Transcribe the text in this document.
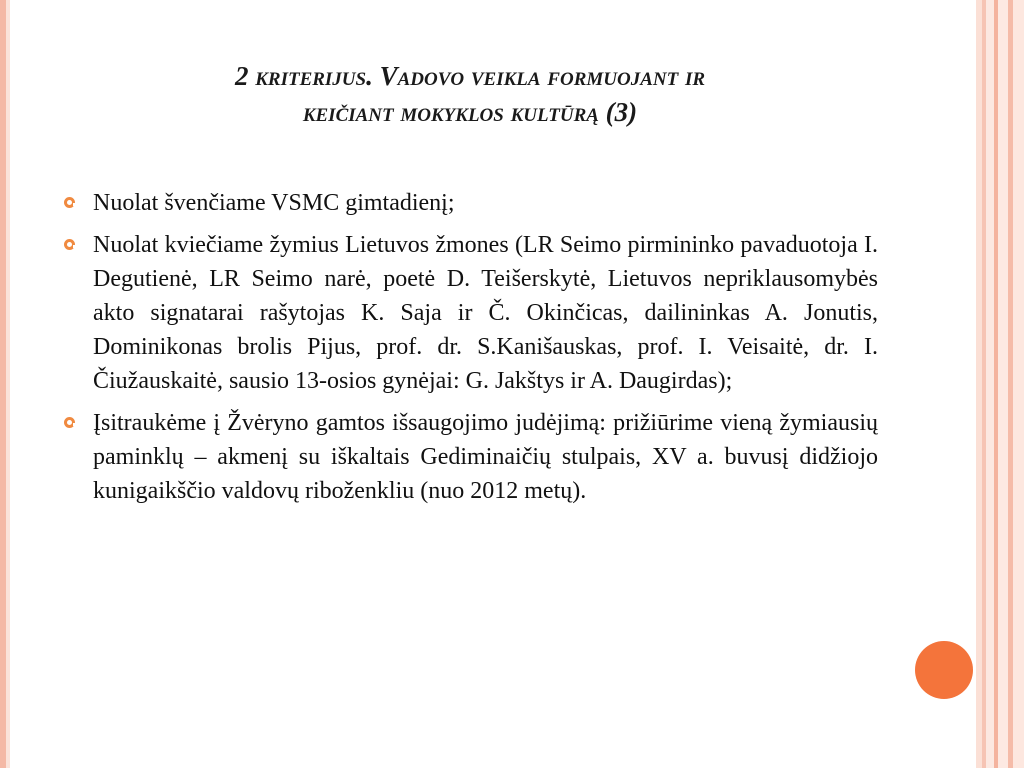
2 kriterijus. Vadovo veikla formuojant ir
keičiant mokyklos kultūrą (3)
Nuolat švenčiame VSMC gimtadienį;
Nuolat kviečiame žymius Lietuvos žmones (LR Seimo pirmininko pavaduotoja I. Degutienė, LR Seimo narė, poetė D. Teišerskytė, Lietuvos nepriklausomybės akto signatarai rašytojas K. Saja ir Č. Okinčicas, dailininkas A. Jonutis, Dominikonas brolis Pijus, prof. dr. S.Kanišauskas, prof. I. Veisaitė, dr. I. Čiužauskaitė, sausio 13-osios gynėjai: G. Jakštys ir A. Daugirdas);
Įsitraukėme į Žvėryno gamtos išsaugojimo judėjimą: prižiūrime vieną žymiausių paminklų – akmenį su iškaltais Gediminaičių stulpais, XV a. buvusį didžiojo kunigaikščio valdovų riboženkliu (nuo 2012 metų).
